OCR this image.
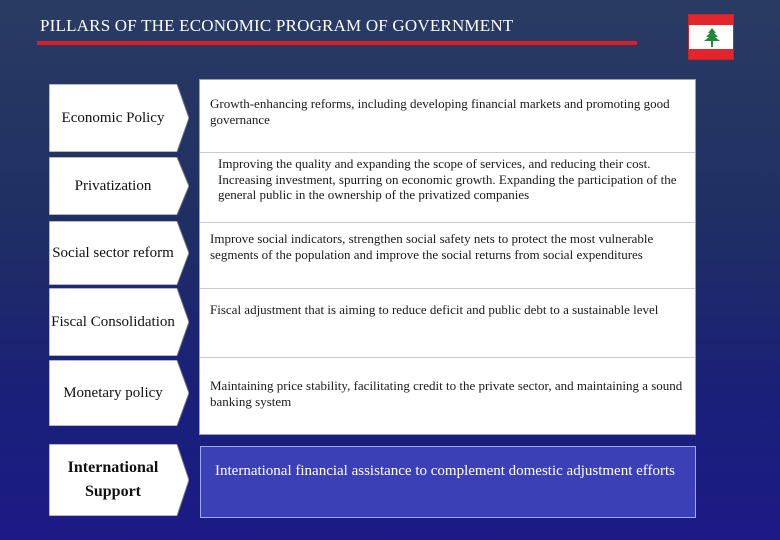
PILLARS OF THE ECONOMIC PROGRAM OF GOVERNMENT
Economic Policy
Privatization
Social sector reform
Fiscal Consolidation
Monetary policy
International Support
Growth-enhancing reforms, including developing financial markets and promoting good governance
Improving the quality and expanding the scope of services, and reducing their cost. Increasing investment, spurring on economic growth. Expanding the participation of the general public in the ownership of the privatized companies
Improve social indicators, strengthen social safety nets to protect the most vulnerable segments of the population and improve the social returns from social expenditures
Fiscal adjustment that is aiming to reduce deficit and public debt to a sustainable level
Maintaining price stability, facilitating credit to the private sector, and maintaining a sound banking system
International financial assistance to complement domestic adjustment efforts
